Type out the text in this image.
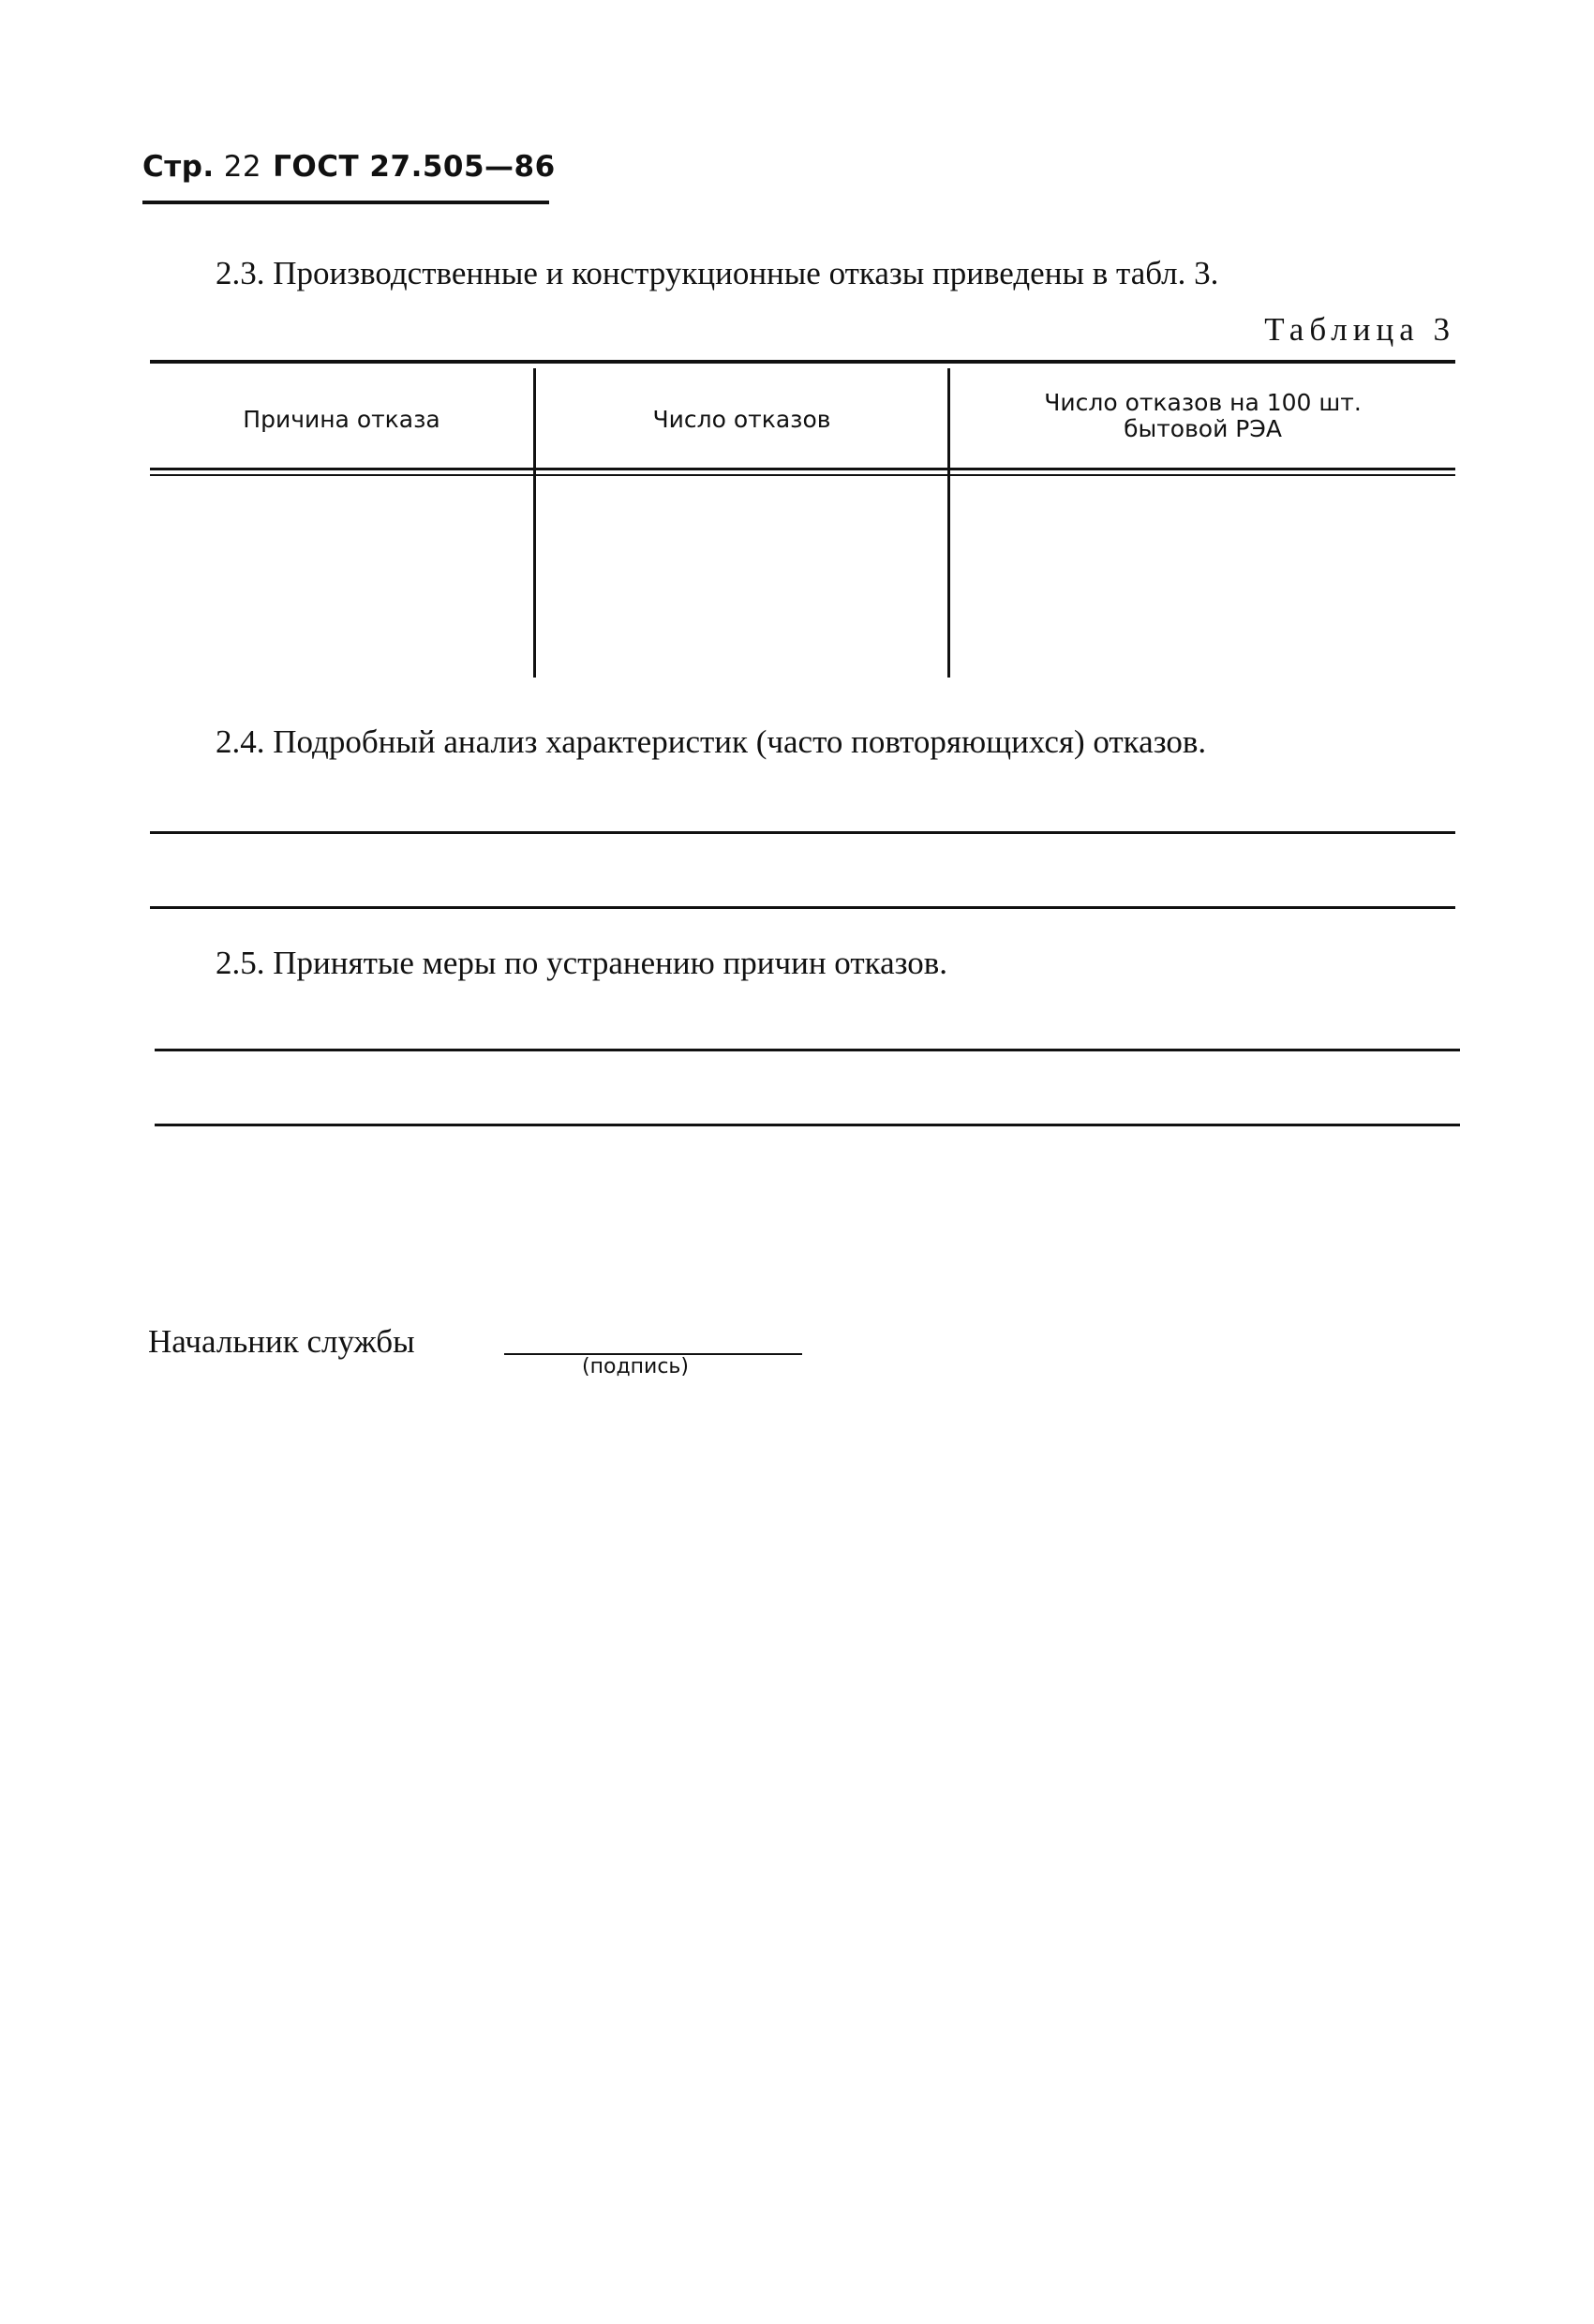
Стр. 22 ГОСТ 27.505—86
2.3. Производственные и конструкционные отказы приведены в табл. 3.
Таблица 3
Причина отказа	Число отказов
Число отказов на 100 шт.
бытовой РЭА
2.4. Подробный анализ характеристик (часто повторяющихся) отказов.
2.5. Принятые меры по устранению причин отказов.
Начальник службы
(подпись)
